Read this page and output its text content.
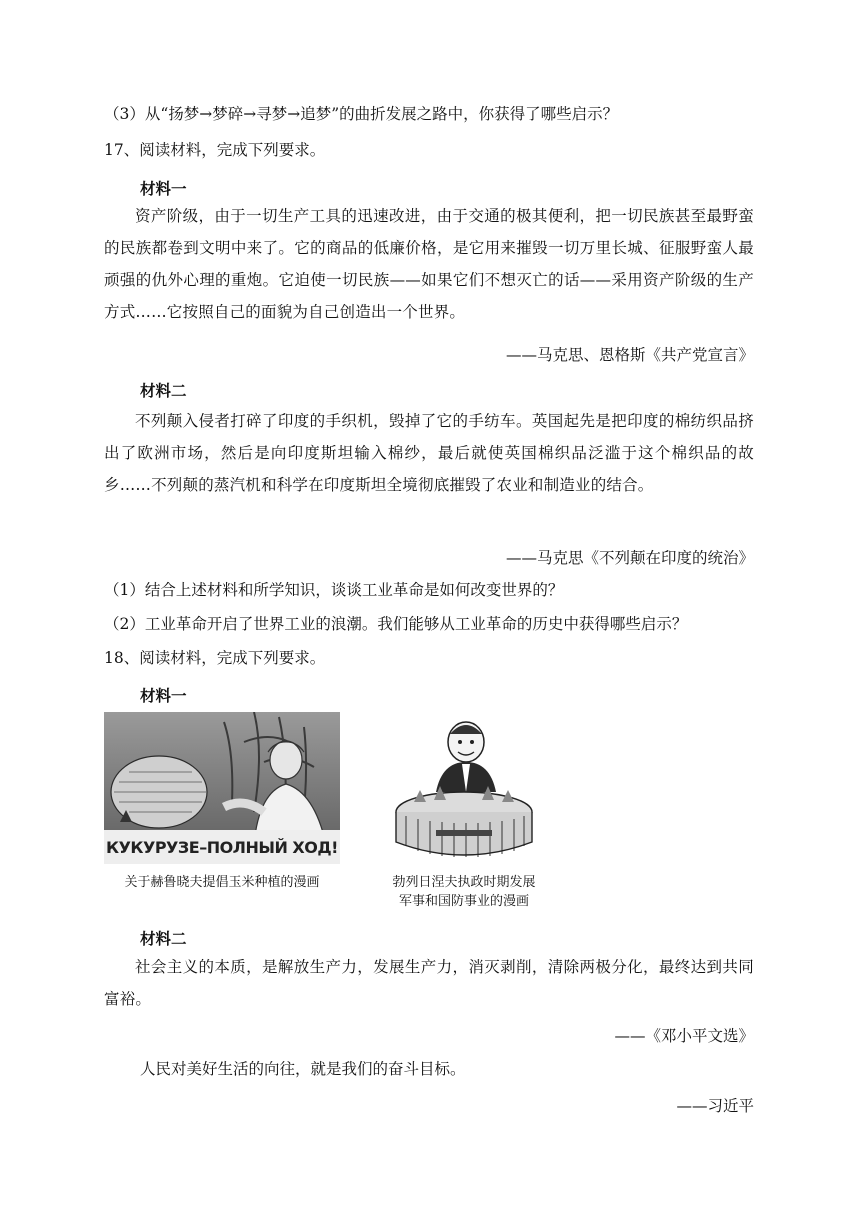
（3）从“扬梦→梦碎→寻梦→追梦”的曲折发展之路中，你获得了哪些启示？
17、阅读材料，完成下列要求。
材料一
资产阶级，由于一切生产工具的迅速改进，由于交通的极其便利，把一切民族甚至最野蛮的民族都卷到文明中来了。它的商品的低廉价格，是它用来摧毁一切万里长城、征服野蛮人最顽强的仇外心理的重炮。它迫使一切民族——如果它们不想灭亡的话——采用资产阶级的生产方式……它按照自己的面貌为自己创造出一个世界。
——马克思、恩格斯《共产党宣言》
材料二
不列颠入侵者打碎了印度的手织机，毁掉了它的手纺车。英国起先是把印度的棉纺织品挤出了欧洲市场，然后是向印度斯坦输入棉纱，最后就使英国棉织品泛滥于这个棉织品的故乡……不列颠的蒸汽机和科学在印度斯坦全境彻底摧毁了农业和制造业的结合。
——马克思《不列颠在印度的统治》
（1）结合上述材料和所学知识，谈谈工业革命是如何改变世界的？
（2）工业革命开启了世界工业的浪潮。我们能够从工业革命的历史中获得哪些启示？
18、阅读材料，完成下列要求。
材料一
КУКУРУЗЕ–ПОЛНЫЙ ХОД!
关于赫鲁晓夫提倡玉米种植的漫画	勃列日涅夫执政时期发展
军事和国防事业的漫画
材料二
社会主义的本质，是解放生产力，发展生产力，消灭剥削，清除两极分化，最终达到共同富裕。
——《邓小平文选》
人民对美好生活的向往，就是我们的奋斗目标。
——习近平
